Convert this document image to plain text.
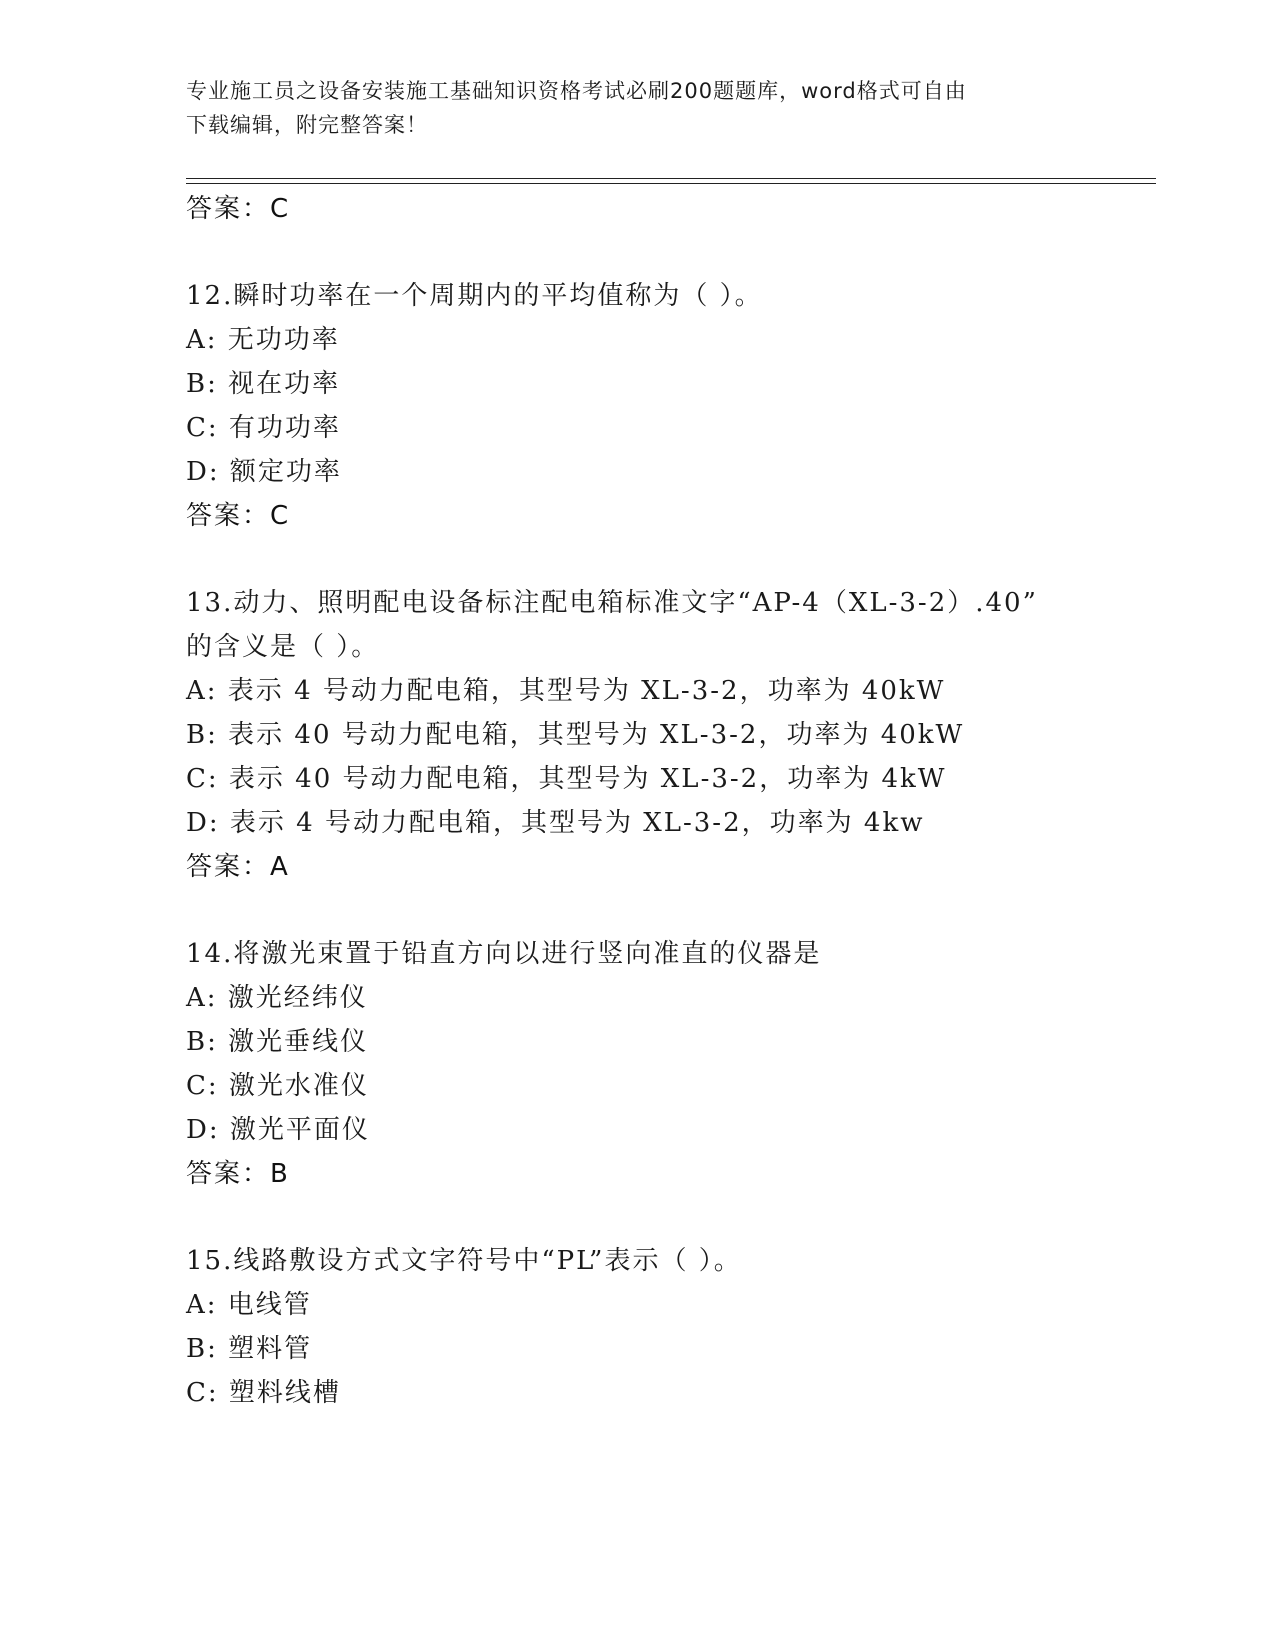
专业施工员之设备安装施工基础知识资格考试必刷200题题库，word格式可自由
下载编辑，附完整答案！
答案：C
12.瞬时功率在一个周期内的平均值称为（ ）。
A: 无功功率
B: 视在功率
C: 有功功率
D: 额定功率
答案：C
13.动力、照明配电设备标注配电箱标准文字“AP-4（XL-3-2）.40”
的含义是（ ）。
A: 表示 4 号动力配电箱，其型号为 XL-3-2，功率为 40kW
B: 表示 40 号动力配电箱，其型号为 XL-3-2，功率为 40kW
C: 表示 40 号动力配电箱，其型号为 XL-3-2，功率为 4kW
D: 表示 4 号动力配电箱，其型号为 XL-3-2，功率为 4kw
答案：A
14.将激光束置于铅直方向以进行竖向准直的仪器是
A: 激光经纬仪
B: 激光垂线仪
C: 激光水准仪
D: 激光平面仪
答案：B
15.线路敷设方式文字符号中“PL”表示（ ）。
A: 电线管
B: 塑料管
C: 塑料线槽
